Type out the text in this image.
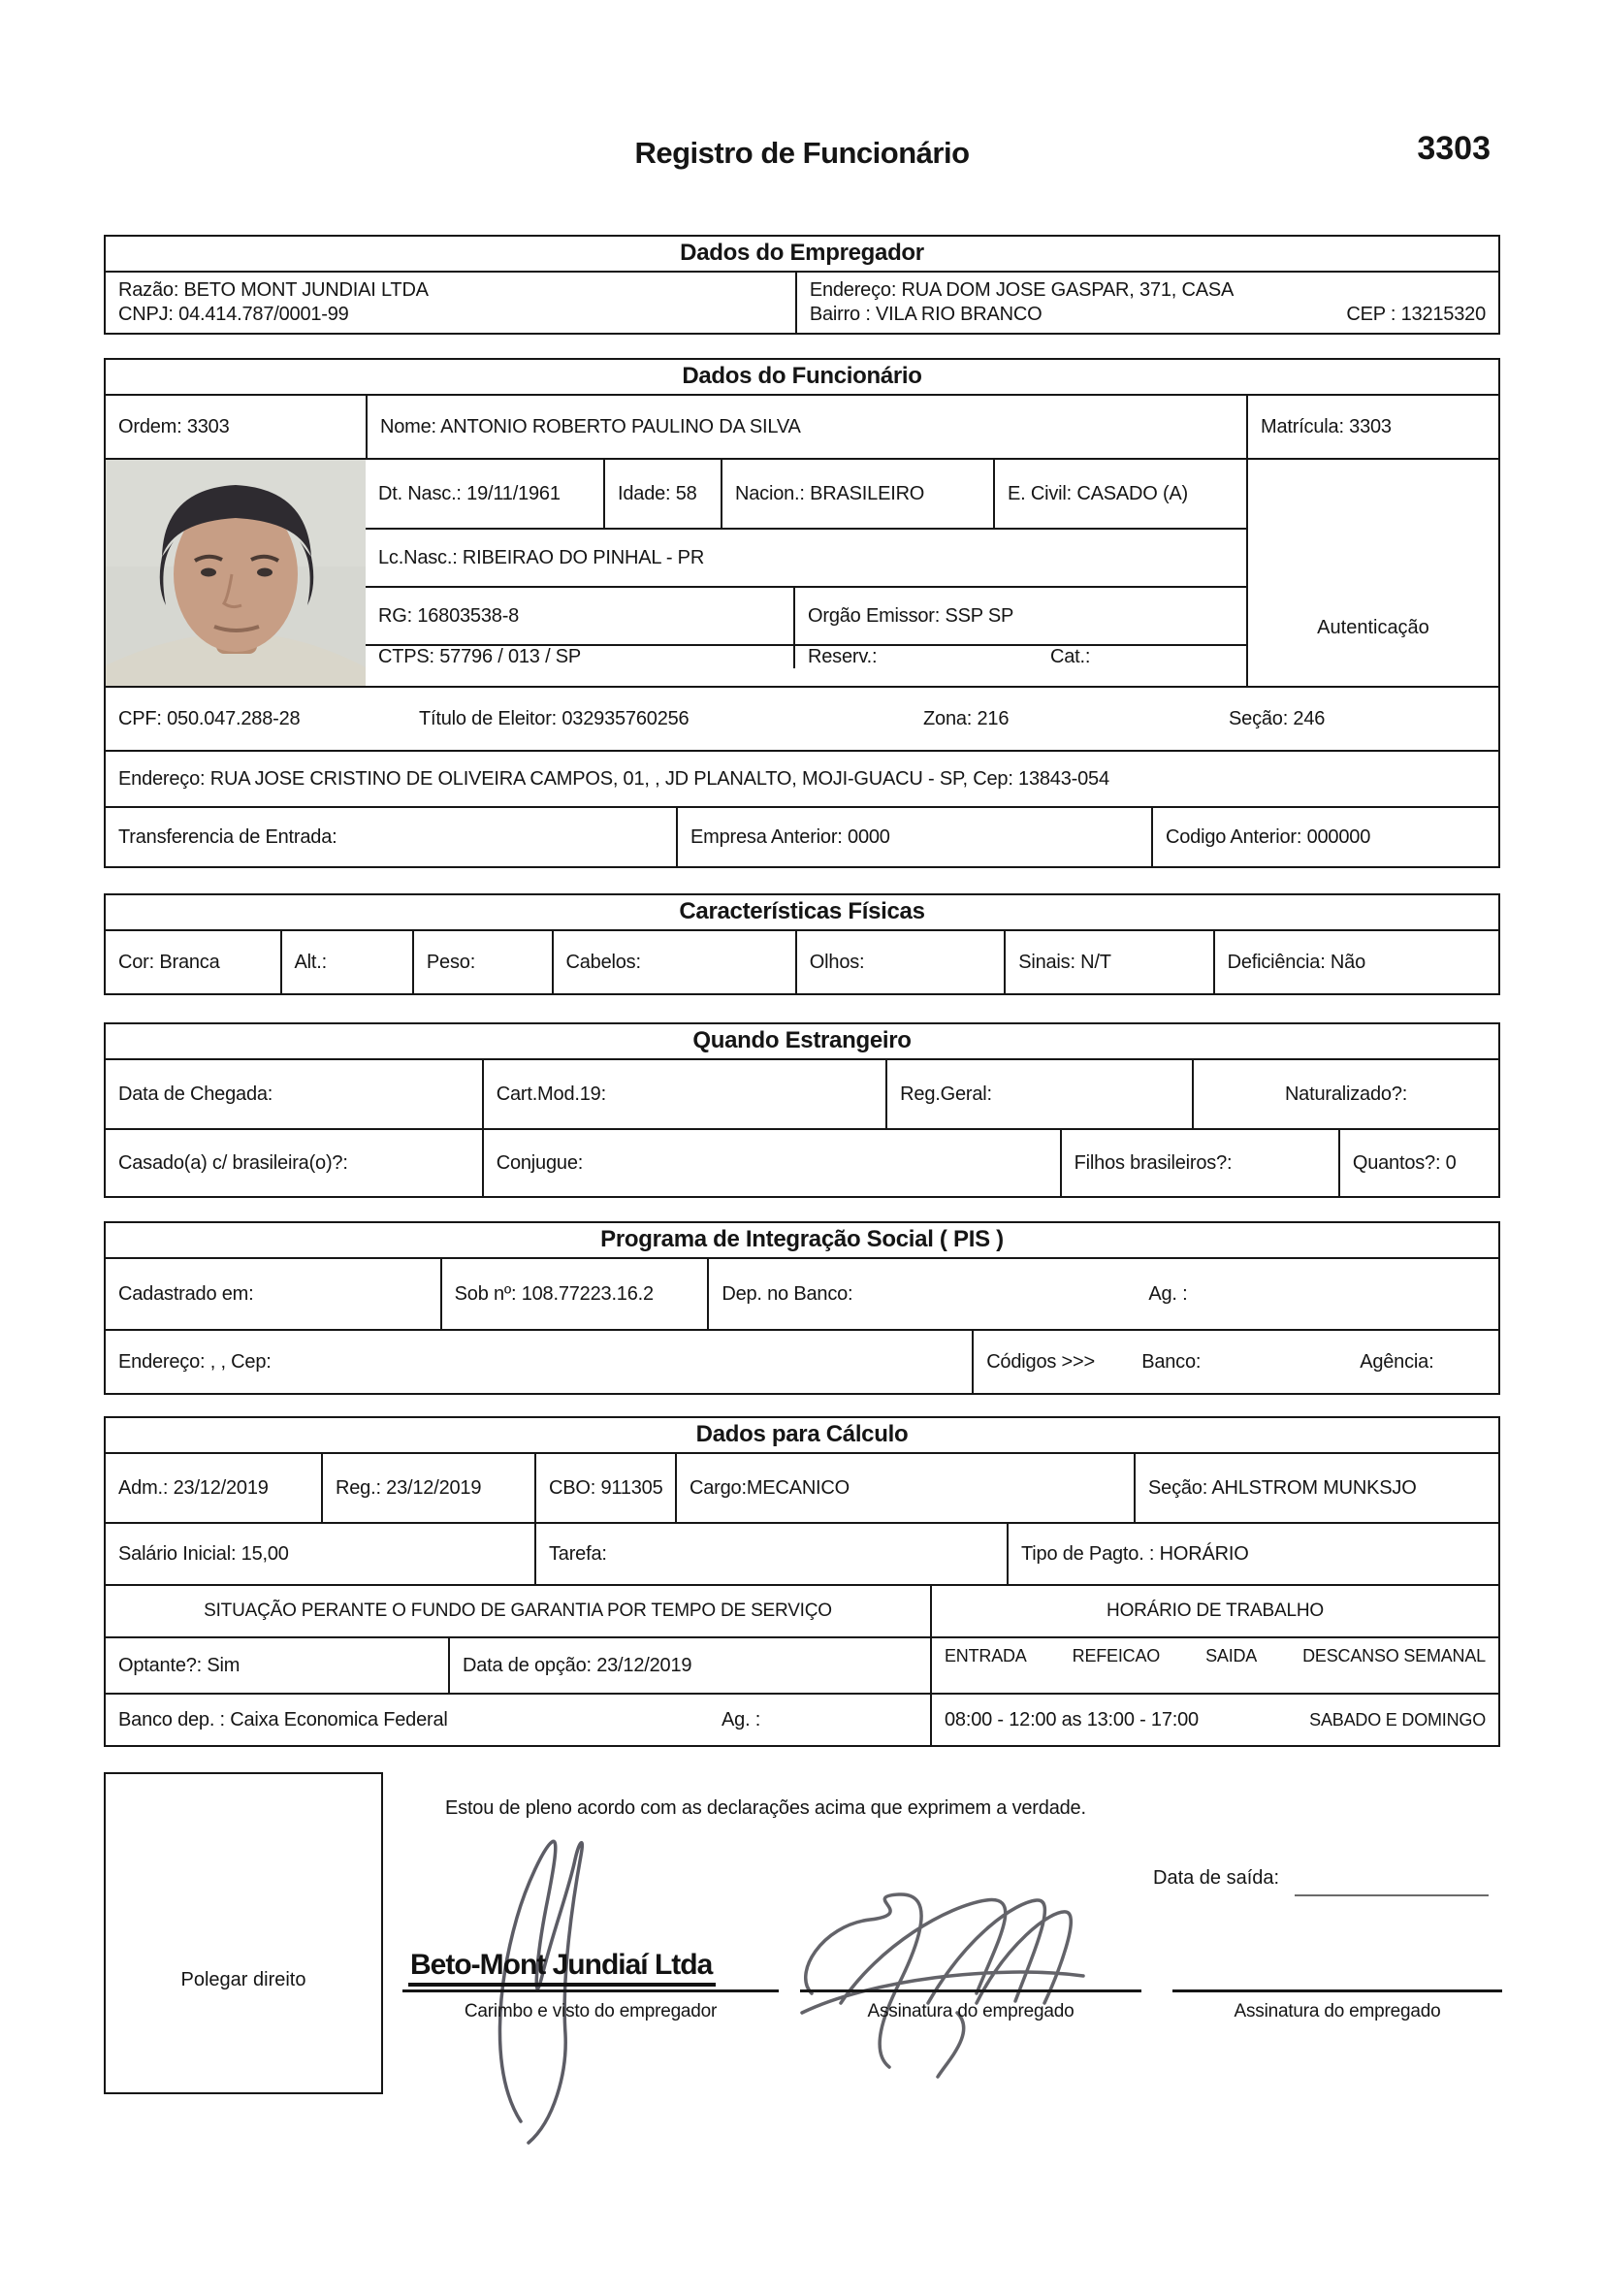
Registro de Funcionário	3303
Dados do Empregador
Razão: BETO MONT JUNDIAI LTDA
CNPJ: 04.414.787/0001-99
Endereço: RUA DOM JOSE GASPAR, 371, CASA
Bairro : VILA RIO BRANCO	CEP : 13215320
Dados do Funcionário
Ordem: 3303	Nome: ANTONIO ROBERTO PAULINO DA SILVA	Matrícula: 3303
Dt. Nasc.: 19/11/1961	Idade: 58	Nacion.: BRASILEIRO	E. Civil: CASADO (A)
Lc.Nasc.: RIBEIRAO DO PINHAL - PR
RG: 16803538-8	Orgão Emissor: SSP SP
CTPS: 57796 / 013 / SP	Reserv.:	Cat.:
Autenticação
CPF: 050.047.288-28	Título de Eleitor: 032935760256	Zona: 216	Seção: 246
Endereço: RUA JOSE CRISTINO DE OLIVEIRA CAMPOS, 01, , JD PLANALTO, MOJI-GUACU - SP, Cep: 13843-054
Transferencia de Entrada:	Empresa Anterior: 0000	Codigo Anterior: 000000
Características Físicas
Cor: Branca	Alt.:	Peso:	Cabelos:	Olhos:	Sinais: N/T	Deficiência: Não
Quando Estrangeiro
Data de Chegada:	Cart.Mod.19:	Reg.Geral:	Naturalizado?:
Casado(a) c/ brasileira(o)?:	Conjugue:	Filhos brasileiros?:	Quantos?: 0
Programa de Integração Social ( PIS )
Cadastrado em:	Sob nº: 108.77223.16.2	Dep. no Banco:	Ag. :
Endereço: , , Cep:	Códigos >>>	Banco:	Agência:
Dados para Cálculo
Adm.: 23/12/2019	Reg.: 23/12/2019	CBO: 911305	Cargo:MECANICO	Seção: AHLSTROM MUNKSJO
Salário Inicial: 15,00	Tarefa:	Tipo de Pagto. : HORÁRIO
SITUAÇÃO PERANTE O FUNDO DE GARANTIA POR TEMPO DE SERVIÇO	HORÁRIO DE TRABALHO
Optante?: Sim	Data de opção: 23/12/2019	ENTRADA	REFEICAO	SAIDA	DESCANSO SEMANAL
Banco dep. : Caixa Economica Federal	Ag. :	08:00 - 12:00 as 13:00 - 17:00	SABADO E DOMINGO
Polegar direito
Estou de pleno acordo com as declarações acima que exprimem a verdade.
Data de saída:
Beto-Mont Jundiaí Ltda
Carimbo e visto do empregador	Assinatura do empregado	Assinatura do empregado
